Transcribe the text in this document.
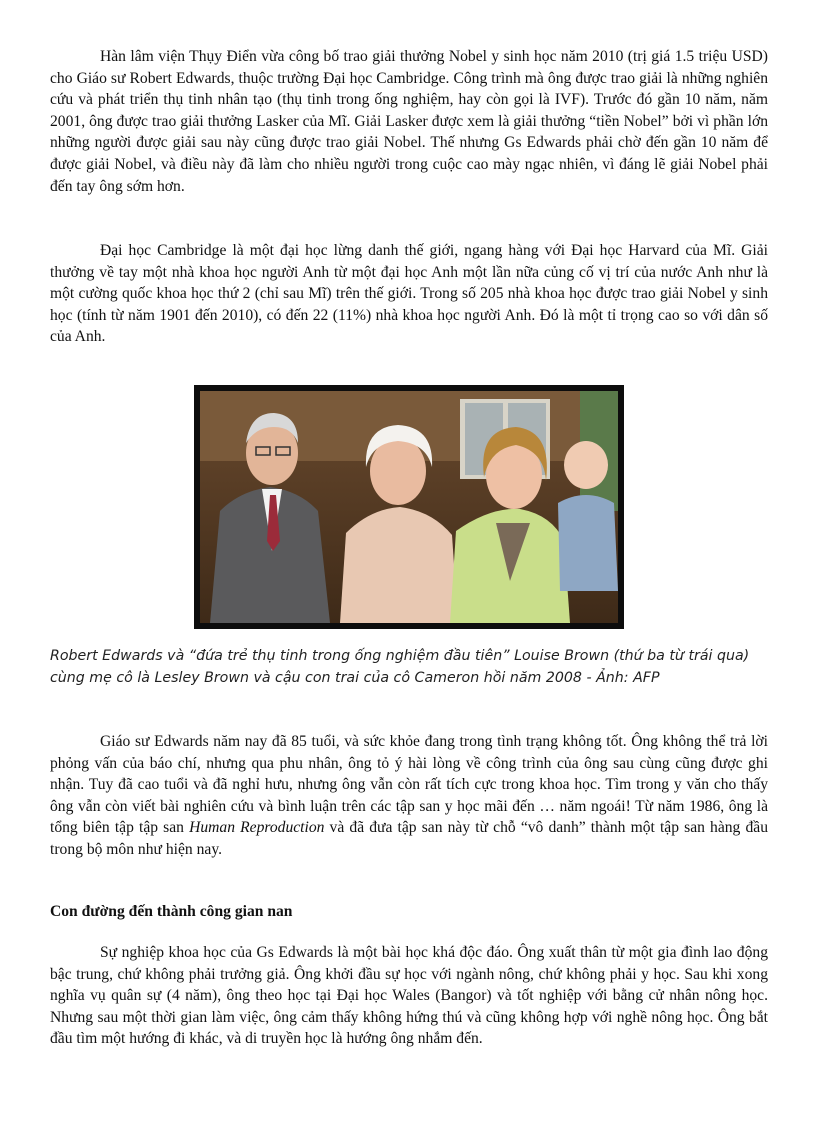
Hàn lâm viện Thụy Điển vừa công bố trao giải thưởng Nobel y sinh học năm 2010 (trị giá 1.5 triệu USD) cho Giáo sư Robert Edwards, thuộc trường Đại học Cambridge. Công trình mà ông được trao giải là những nghiên cứu và phát triển thụ tinh nhân tạo (thụ tinh trong ống nghiệm, hay còn gọi là IVF). Trước đó gần 10 năm, năm 2001, ông được trao giải thưởng Lasker của Mĩ. Giải Lasker được xem là giải thưởng “tiền Nobel” bởi vì phần lớn những người được giải sau này cũng được trao giải Nobel. Thế nhưng Gs Edwards phải chờ đến gần 10 năm để được giải Nobel, và điều này đã làm cho nhiều người trong cuộc cao mày ngạc nhiên, vì đáng lẽ giải Nobel phải đến tay ông sớm hơn.

Đại học Cambridge là một đại học lừng danh thế giới, ngang hàng với Đại học Harvard của Mĩ. Giải thưởng về tay một nhà khoa học người Anh từ một đại học Anh một lần nữa củng cố vị trí của nước Anh như là một cường quốc khoa học thứ 2 (chỉ sau Mĩ) trên thế giới. Trong số 205 nhà khoa học được trao giải Nobel y sinh học (tính từ năm 1901 đến 2010), có đến 22 (11%) nhà khoa học người Anh. Đó là một tỉ trọng cao so với dân số của Anh.

Robert Edwards và “đứa trẻ thụ tinh trong ống nghiệm đầu tiên” Louise Brown (thứ ba từ trái qua) cùng mẹ cô là Lesley Brown và cậu con trai của cô Cameron hồi năm 2008 - Ảnh: AFP

Giáo sư Edwards năm nay đã 85 tuổi, và sức khỏe đang trong tình trạng không tốt. Ông không thể trả lời phỏng vấn của báo chí, nhưng qua phu nhân, ông tỏ ý hài lòng về công trình của ông sau cùng cũng được ghi nhận. Tuy đã cao tuổi và đã nghỉ hưu, nhưng ông vẫn còn rất tích cực trong khoa học. Tìm trong y văn cho thấy ông vẫn còn viết bài nghiên cứu và bình luận trên các tập san y học mãi đến … năm ngoái! Từ năm 1986, ông là tổng biên tập tập san Human Reproduction và đã đưa tập san này từ chỗ “vô danh” thành một tập san hàng đầu trong bộ môn như hiện nay.

Con đường đến thành công gian nan

Sự nghiệp khoa học của Gs Edwards là một bài học khá độc đáo. Ông xuất thân từ một gia đình lao động bậc trung, chứ không phải trưởng giả. Ông khởi đầu sự học với ngành nông, chứ không phải y học. Sau khi xong nghĩa vụ quân sự (4 năm), ông theo học tại Đại học Wales (Bangor) và tốt nghiệp với bằng cử nhân nông học. Nhưng sau một thời gian làm việc, ông cảm thấy không hứng thú và cũng không hợp với nghề nông học. Ông bắt đầu tìm một hướng đi khác, và di truyền học là hướng ông nhắm đến.
